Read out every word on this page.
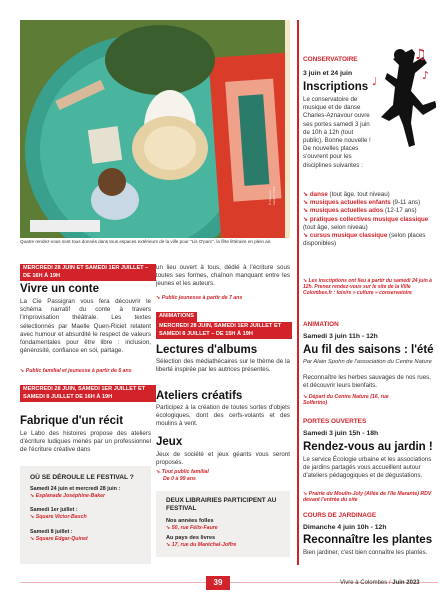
© Vanessa Lienard / DEB
Quatre rendez-vous sont tous donnés dans tous espaces extérieurs de la ville pour "Lis O'parc", la fête littéraire en plein air.
MERCREDI 28 JUIN ET SAMEDI 1ER JUILLET – DE 16H À 19H
Vivre un conte
La Cie Passigran vous fera découvrir le schéma narratif du conte à travers l'improvisation théâtrale. Les textes sélectionnés par Maelle Quen-Riciet relatent avec humour et absurdité le respect de valeurs fondamentales pour être libre : inclusion, générosité, confiance en soi, partage.
➘ Public familial et jeunesse à partir de 6 ans
MERCREDI 28 JUIN, SAMEDI 1ER JUILLET ET SAMEDI 8 JUILLET DE 16H À 19H
Fabrique d'un récit
Le Labo des histoires propose des ateliers d'écriture ludiques menés par un professionnel de l'écriture créative dans
OÙ SE DÉROULE LE FESTIVAL ?
Samedi 24 juin et mercredi 28 juin :
➘ Esplanade Joséphine-Baker
Samedi 1er juillet :
➘ Square Victor-Basch
Samedi 8 juillet :
➘ Square Edgar-Quinet
un lieu ouvert à tous, dédié à l'écriture sous toutes ses formes, chaînon manquant entre les jeunes et les auteurs.
➘ Public jeunesse à partir de 7 ans
ANIMATIONS
MERCREDI 28 JUIN, SAMEDI 1ER JUILLET ET SAMEDI 8 JUILLET – DE 15H À 19H
Lectures d'albums
Sélection des médiathécaires sur le thème de la liberté inspirée par les autrices présentes.
Ateliers créatifs
Participez à la création de toutes sortes d'objets écologiques, dont des cerfs-volants et des moulins à vent.
Jeux
Jeux de société et jeux géants vous seront proposés.
➘ Tout public familial
De 0 à 99 ans
DEUX LIBRAIRIES PARTICIPENT AU FESTIVAL
Nos années folles
➘ 50, rue Félix-Faure
Au pays des livres
➘ 17, rue du Maréchal-Joffre
♫
♪
♩
CONSERVATOIRE
3 juin et 24 juin
Inscriptions
Le conservatoire de musique et de danse Charles-Aznavour ouvre ses portes samedi 3 juin de 10h à 12h (tout public). Bonne nouvelle ! De nouvelles places s'ouvrent pour les disciplines suivantes :
➘ danse (tout âge, tout niveau)
➘ musiques actuelles enfants (9-11 ans)
➘ musiques actuelles ados (12-17 ans)
➘ pratiques collectives musique classique (tout âge, selon niveau)
➘ cursus musique classique (selon places disponibles)
➘ Les inscriptions ont lieu à partir du samedi 24 juin à 12h. Prenez rendez-vous sur le site de la Ville Colombes.fr : loisirs » culture » conservatoire
ANIMATION
Samedi 3 juin 11h - 12h
Au fil des saisons : l'été
Par Alain Spohn de l'association du Centre Nature
Reconnaître les herbes sauvages de nos rues, et découvrir leurs bienfaits.
➘ Départ du Centre Nature (16, rue Solferino)
PORTES OUVERTES
Samedi 3 juin 15h - 18h
Rendez-vous au jardin !
Le service Écologie urbaine et les associations de jardins partagés vous accueillent autour d'ateliers pédagogiques et de dégustations.
➘ Prairie du Moulin-Joly (Allée de l'Ile Marante) RDV devant l'entrée du site
COURS DE JARDINAGE
Dimanche 4 juin 10h - 12h
Reconnaître les plantes
Bien jardiner, c'est bien connaître les plantes.
39	Vivre à Colombes / Juin 2023
